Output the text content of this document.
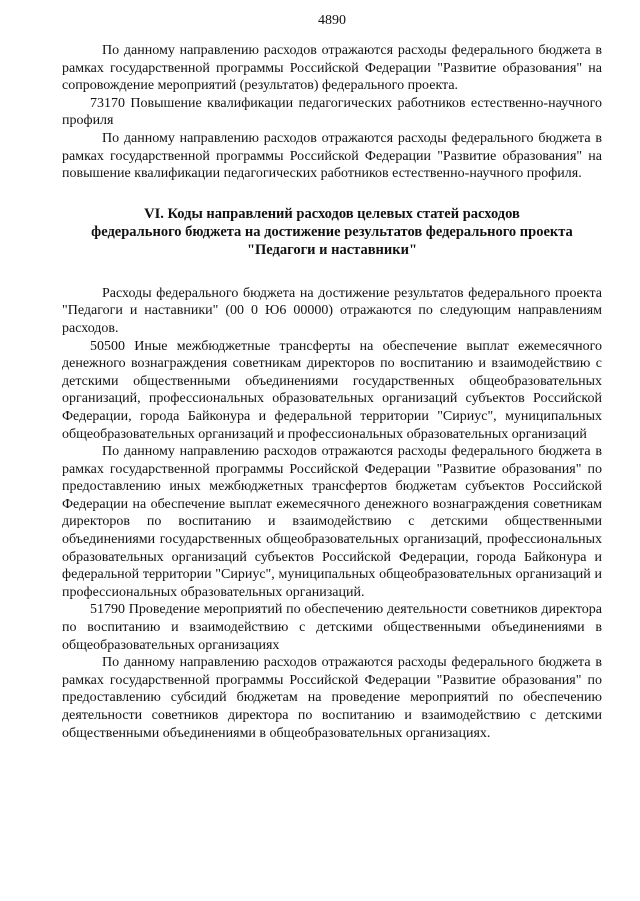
4890

По данному направлению расходов отражаются расходы федерального бюджета в рамках государственной программы Российской Федерации "Развитие образования" на сопровождение мероприятий (результатов) федерального проекта.

73170 Повышение квалификации педагогических работников естественно-научного профиля

По данному направлению расходов отражаются расходы федерального бюджета в рамках государственной программы Российской Федерации "Развитие образования" на повышение квалификации педагогических работников естественно-научного профиля.

VI. Коды направлений расходов целевых статей расходов
федерального бюджета на достижение результатов федерального проекта
"Педагоги и наставники"

Расходы федерального бюджета на достижение результатов федерального проекта "Педагоги и наставники" (00 0 Ю6 00000) отражаются по следующим направлениям расходов.

50500 Иные межбюджетные трансферты на обеспечение выплат ежемесячного денежного вознаграждения советникам директоров по воспитанию и взаимодействию с детскими общественными объединениями государственных общеобразовательных организаций, профессиональных образовательных организаций субъектов Российской Федерации, города Байконура и федеральной территории "Сириус", муниципальных общеобразовательных организаций и профессиональных образовательных организаций

По данному направлению расходов отражаются расходы федерального бюджета в рамках государственной программы Российской Федерации "Развитие образования" по предоставлению иных межбюджетных трансфертов бюджетам субъектов Российской Федерации на обеспечение выплат ежемесячного денежного вознаграждения советникам директоров по воспитанию и взаимодействию с детскими общественными объединениями государственных общеобразовательных организаций, профессиональных образовательных организаций субъектов Российской Федерации, города Байконура и федеральной территории "Сириус", муниципальных общеобразовательных организаций и профессиональных образовательных организаций.

51790 Проведение мероприятий по обеспечению деятельности советников директора по воспитанию и взаимодействию с детскими общественными объединениями в общеобразовательных организациях

По данному направлению расходов отражаются расходы федерального бюджета в рамках государственной программы Российской Федерации "Развитие образования" по предоставлению субсидий бюджетам на проведение мероприятий по обеспечению деятельности советников директора по воспитанию и взаимодействию с детскими общественными объединениями в общеобразовательных организациях.
